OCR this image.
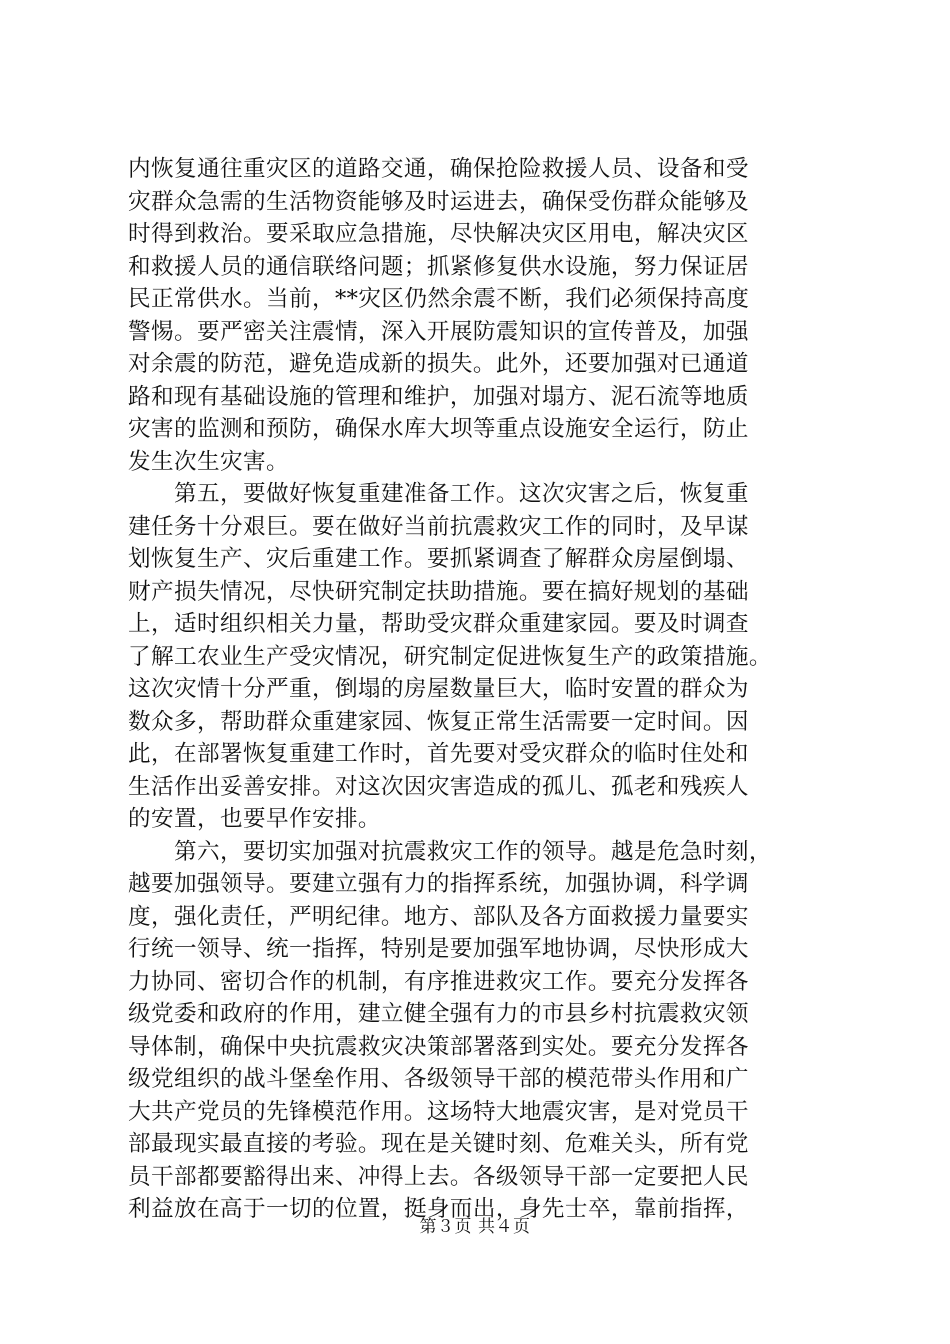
内恢复通往重灾区的道路交通，确保抢险救援人员、设备和受
灾群众急需的生活物资能够及时运进去，确保受伤群众能够及
时得到救治。要采取应急措施，尽快解决灾区用电，解决灾区
和救援人员的通信联络问题；抓紧修复供水设施，努力保证居
民正常供水。当前，**灾区仍然余震不断，我们必须保持高度
警惕。要严密关注震情，深入开展防震知识的宣传普及，加强
对余震的防范，避免造成新的损失。此外，还要加强对已通道
路和现有基础设施的管理和维护，加强对塌方、泥石流等地质
灾害的监测和预防，确保水库大坝等重点设施安全运行，防止
发生次生灾害。
　　第五，要做好恢复重建准备工作。这次灾害之后，恢复重
建任务十分艰巨。要在做好当前抗震救灾工作的同时，及早谋
划恢复生产、灾后重建工作。要抓紧调查了解群众房屋倒塌、
财产损失情况，尽快研究制定扶助措施。要在搞好规划的基础
上，适时组织相关力量，帮助受灾群众重建家园。要及时调查
了解工农业生产受灾情况，研究制定促进恢复生产的政策措施。
这次灾情十分严重，倒塌的房屋数量巨大，临时安置的群众为
数众多，帮助群众重建家园、恢复正常生活需要一定时间。因
此，在部署恢复重建工作时，首先要对受灾群众的临时住处和
生活作出妥善安排。对这次因灾害造成的孤儿、孤老和残疾人
的安置，也要早作安排。
　　第六，要切实加强对抗震救灾工作的领导。越是危急时刻，
越要加强领导。要建立强有力的指挥系统，加强协调，科学调
度，强化责任，严明纪律。地方、部队及各方面救援力量要实
行统一领导、统一指挥，特别是要加强军地协调，尽快形成大
力协同、密切合作的机制，有序推进救灾工作。要充分发挥各
级党委和政府的作用，建立健全强有力的市县乡村抗震救灾领
导体制，确保中央抗震救灾决策部署落到实处。要充分发挥各
级党组织的战斗堡垒作用、各级领导干部的模范带头作用和广
大共产党员的先锋模范作用。这场特大地震灾害，是对党员干
部最现实最直接的考验。现在是关键时刻、危难关头，所有党
员干部都要豁得出来、冲得上去。各级领导干部一定要把人民
利益放在高于一切的位置，挺身而出，身先士卒，靠前指挥，
第３页 共４页
